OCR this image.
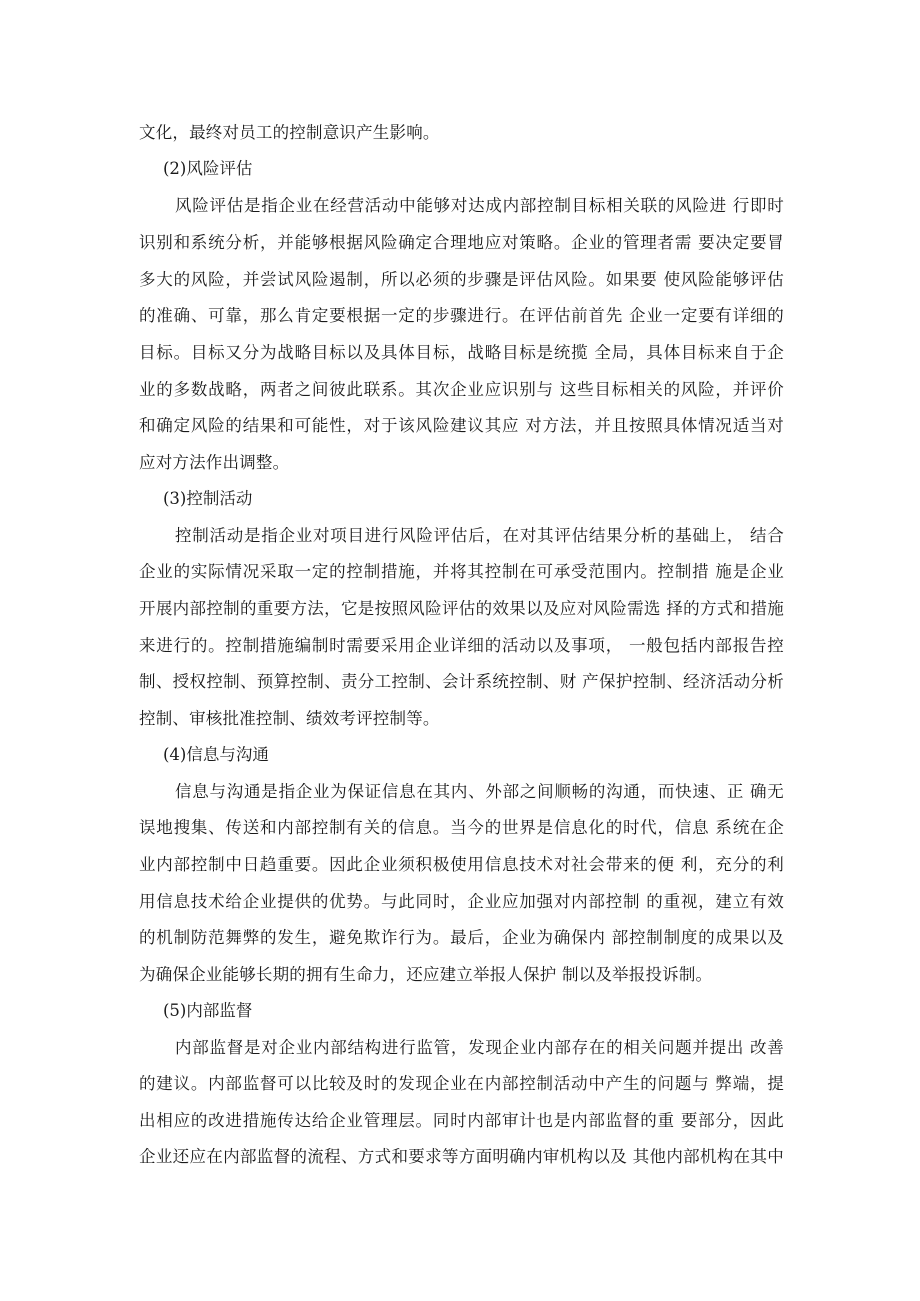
文化，最终对员工的控制意识产生影响。
(2)风险评估
风险评估是指企业在经营活动中能够对达成内部控制目标相关联的风险进 行即时
识别和系统分析，并能够根据风险确定合理地应对策略。企业的管理者需 要决定要冒
多大的风险，并尝试风险遏制，所以必须的步骤是评估风险。如果要 使风险能够评估
的准确、可靠，那么肯定要根据一定的步骤进行。在评估前首先 企业一定要有详细的
目标。目标又分为战略目标以及具体目标，战略目标是统揽 全局，具体目标来自于企
业的多数战略，两者之间彼此联系。其次企业应识别与 这些目标相关的风险，并评价
和确定风险的结果和可能性，对于该风险建议其应 对方法，并且按照具体情况适当对
应对方法作出调整。
(3)控制活动
控制活动是指企业对项目进行风险评估后，在对其评估结果分析的基础上， 结合
企业的实际情况采取一定的控制措施，并将其控制在可承受范围内。控制措 施是企业
开展内部控制的重要方法，它是按照风险评估的效果以及应对风险需选 择的方式和措施
来进行的。控制措施编制时需要采用企业详细的活动以及事项， 一般包括内部报告控
制、授权控制、预算控制、责分工控制、会计系统控制、财 产保护控制、经济活动分析
控制、审核批准控制、绩效考评控制等。
(4)信息与沟通
信息与沟通是指企业为保证信息在其内、外部之间顺畅的沟通，而快速、正 确无
误地搜集、传送和内部控制有关的信息。当今的世界是信息化的时代，信息 系统在企
业内部控制中日趋重要。因此企业须积极使用信息技术对社会带来的便 利，充分的利
用信息技术给企业提供的优势。与此同时，企业应加强对内部控制 的重视，建立有效
的机制防范舞弊的发生，避免欺诈行为。最后，企业为确保内 部控制制度的成果以及
为确保企业能够长期的拥有生命力，还应建立举报人保护 制以及举报投诉制。
(5)内部监督
内部监督是对企业内部结构进行监管，发现企业内部存在的相关问题并提出 改善
的建议。内部监督可以比较及时的发现企业在内部控制活动中产生的问题与 弊端，提
出相应的改进措施传达给企业管理层。同时内部审计也是内部监督的重 要部分，因此
企业还应在内部监督的流程、方式和要求等方面明确内审机构以及 其他内部机构在其中
